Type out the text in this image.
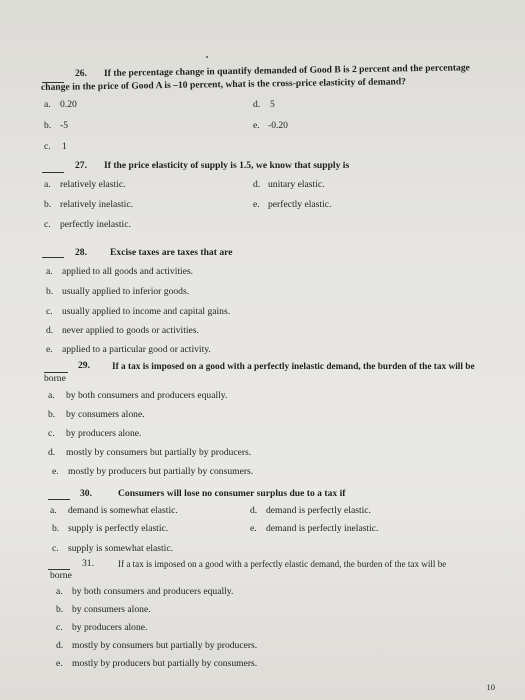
26. If the percentage change in quantify demanded of Good B is 2 percent and the percentage
change in the price of Good A is –10 percent, what is the cross-price elasticity of demand?
a. 0.20
b. -5
c. 1
d. 5
e. -0.20
27. If the price elasticity of supply is 1.5, we know that supply is
a. relatively elastic.
b. relatively inelastic.
c. perfectly inelastic.
d. unitary elastic.
e. perfectly elastic.
28. Excise taxes are taxes that are
a. applied to all goods and activities.
b. usually applied to inferior goods.
c. usually applied to income and capital gains.
d. never applied to goods or activities.
e. applied to a particular good or activity.
29. If a tax is imposed on a good with a perfectly inelastic demand, the burden of the tax will be
borne
a. by both consumers and producers equally.
b. by consumers alone.
c. by producers alone.
d. mostly by consumers but partially by producers.
e. mostly by producers but partially by consumers.
30.	Consumers will lose no consumer surplus due to a tax if
a. demand is somewhat elastic.
b. supply is perfectly elastic.
c. supply is somewhat elastic.
d. demand is perfectly elastic.
e. demand is perfectly inelastic.
31.	If a tax is imposed on a good with a perfectly elastic demand, the burden of the tax will be
borne
a. by both consumers and producers equally.
b. by consumers alone.
c. by producers alone.
d. mostly by consumers but partially by producers.
e. mostly by producers but partially by consumers.
10
